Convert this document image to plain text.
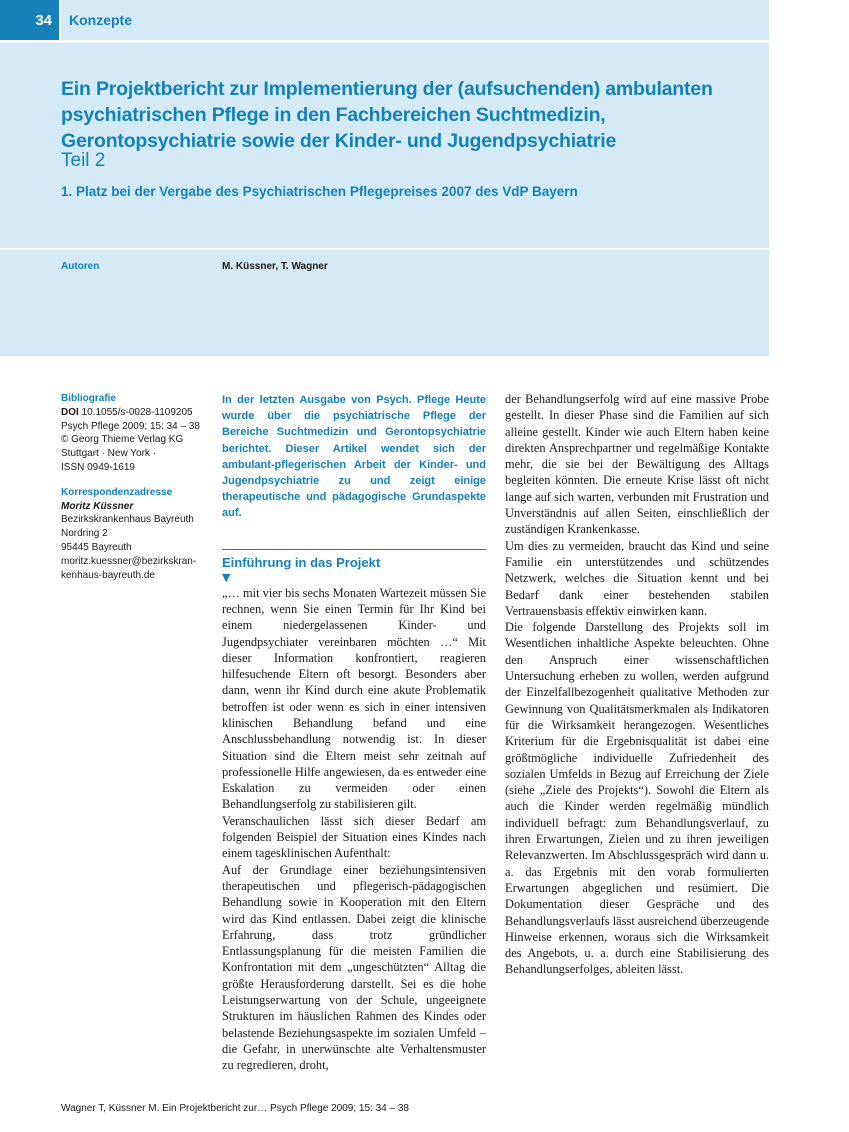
34	Konzepte
Ein Projektbericht zur Implementierung der (aufsuchenden) ambulanten psychiatrischen Pflege in den Fachbereichen Suchtmedizin, Gerontopsychiatrie sowie der Kinder- und Jugendpsychiatrie
Teil 2
1. Platz bei der Vergabe des Psychiatrischen Pflegepreises 2007 des VdP Bayern
Autoren	M. Küssner, T. Wagner
Bibliografie
DOI 10.1055/s-0028-1109205
Psych Pflege 2009; 15: 34 – 38
© Georg Thieme Verlag KG
Stuttgart · New York ·
ISSN 0949-1619
Korrespondenzadresse
Moritz Küssner
Bezirkskrankenhaus Bayreuth
Nordring 2
95445 Bayreuth
moritz.kuessner@bezirkskran-
kenhaus-bayreuth.de

In der letzten Ausgabe von Psych. Pflege Heute wurde über die psychiatrische Pflege der Bereiche Suchtmedizin und Gerontopsychiatrie berichtet. Dieser Artikel wendet sich der ambulant-pflegerischen Arbeit der Kinder- und Jugendpsychiatrie zu und zeigt einige therapeutische und pädagogische Grundaspekte auf.

Einführung in das Projekt
▼

„… mit vier bis sechs Monaten Wartezeit müssen Sie rechnen, wenn Sie einen Termin für Ihr Kind bei einem niedergelassenen Kinder- und Jugendpsychiater vereinbaren möchten …“ Mit dieser Information konfrontiert, reagieren hilfesuchende Eltern oft besorgt. Besonders aber dann, wenn ihr Kind durch eine akute Problematik betroffen ist oder wenn es sich in einer intensiven klinischen Behandlung befand und eine Anschlussbehandlung notwendig ist. In dieser Situation sind die Eltern meist sehr zeitnah auf professionelle Hilfe angewiesen, da es entweder eine Eskalation zu vermeiden oder einen Behandlungserfolg zu stabilisieren gilt.

Veranschaulichen lässt sich dieser Bedarf am folgenden Beispiel der Situation eines Kindes nach einem tagesklinischen Aufenthalt:

Auf der Grundlage einer beziehungsintensiven therapeutischen und pflegerisch-pädagogischen Behandlung sowie in Kooperation mit den Eltern wird das Kind entlassen. Dabei zeigt die klinische Erfahrung, dass trotz gründlicher Entlassungsplanung für die meisten Familien die Konfrontation mit dem „ungeschützten“ Alltag die größte Herausforderung darstellt. Sei es die hohe Leistungserwartung von der Schule, ungeeignete Strukturen im häuslichen Rahmen des Kindes oder belastende Beziehungsaspekte im sozialen Umfeld – die Gefahr, in unerwünschte alte Verhaltensmuster zu regredieren, droht,

der Behandlungserfolg wird auf eine massive Probe gestellt. In dieser Phase sind die Familien auf sich alleine gestellt. Kinder wie auch Eltern haben keine direkten Ansprechpartner und regelmäßige Kontakte mehr, die sie bei der Bewältigung des Alltags begleiten könnten. Die erneute Krise lässt oft nicht lange auf sich warten, verbunden mit Frustration und Unverständnis auf allen Seiten, einschließlich der zuständigen Krankenkasse.

Um dies zu vermeiden, braucht das Kind und seine Familie ein unterstützendes und schützendes Netzwerk, welches die Situation kennt und bei Bedarf dank einer bestehenden stabilen Vertrauensbasis effektiv einwirken kann.

Die folgende Darstellung des Projekts soll im Wesentlichen inhaltliche Aspekte beleuchten. Ohne den Anspruch einer wissenschaftlichen Untersuchung erheben zu wollen, werden aufgrund der Einzelfallbezogenheit qualitative Methoden zur Gewinnung von Qualitätsmerkmalen als Indikatoren für die Wirksamkeit herangezogen. Wesentliches Kriterium für die Ergebnisqualität ist dabei eine größtmögliche individuelle Zufriedenheit des sozialen Umfelds in Bezug auf Erreichung der Ziele (siehe „Ziele des Projekts“). Sowohl die Eltern als auch die Kinder werden regelmäßig mündlich individuell befragt: zum Behandlungsverlauf, zu ihren Erwartungen, Zielen und zu ihren jeweiligen Relevanzwerten. Im Abschlussgespräch wird dann u. a. das Ergebnis mit den vorab formulierten Erwartungen abgeglichen und resümiert. Die Dokumentation dieser Gespräche und des Behandlungsverlaufs lässt ausreichend überzeugende Hinweise erkennen, woraus sich die Wirksamkeit des Angebots, u. a. durch eine Stabilisierung des Behandlungserfolges, ableiten lässt.

Wagner T, Küssner M. Ein Projektbericht zur… Psych Pflege 2009; 15: 34 – 38
